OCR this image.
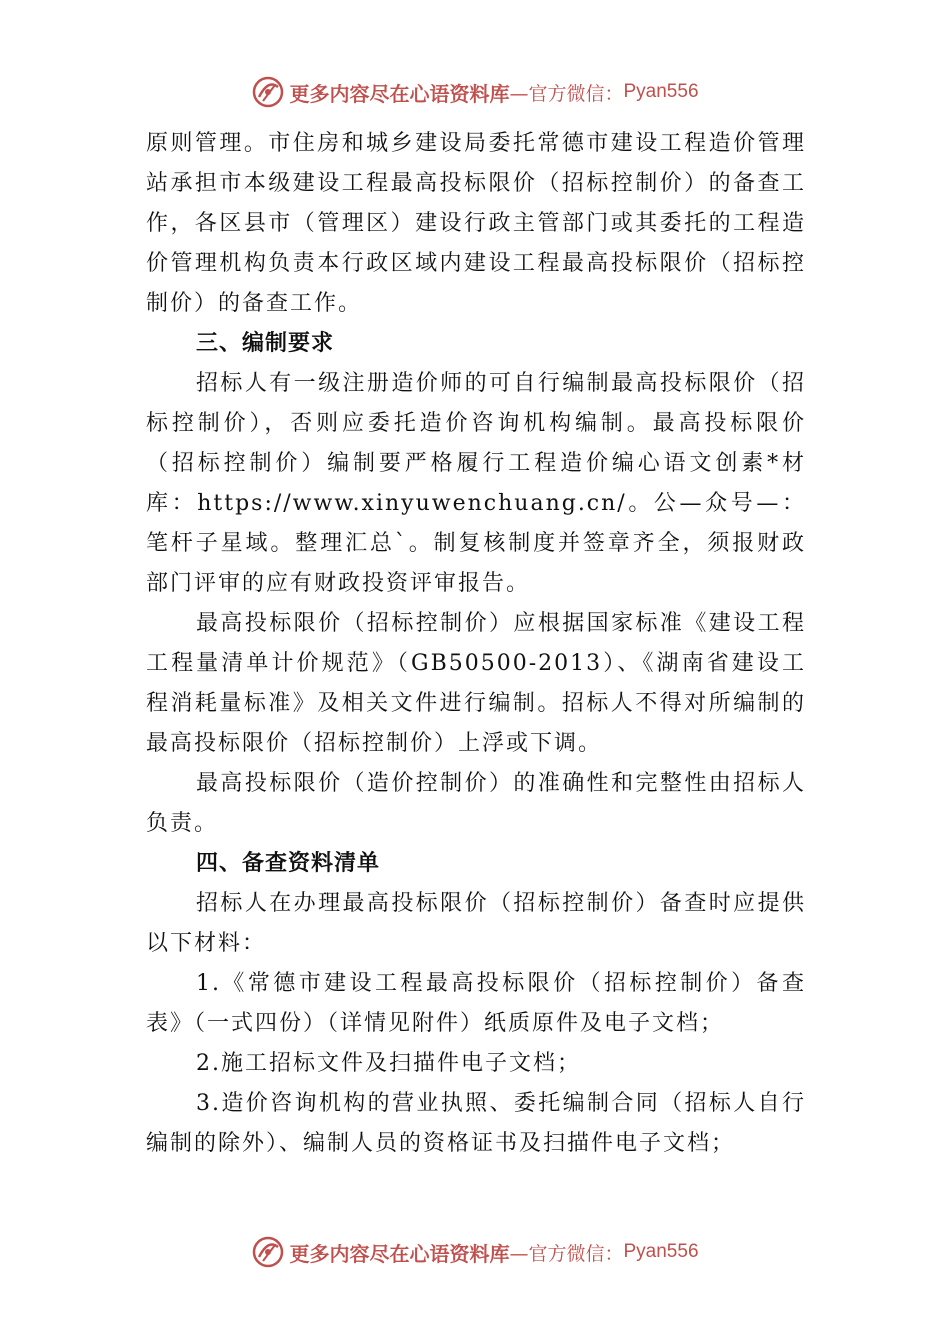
更多内容尽在心语资料库 —官方微信： Pyan556

原则管理。市住房和城乡建设局委托常德市建设工程造价管理站承担市本级建设工程最高投标限价（招标控制价）的备查工作，各区县市（管理区）建设行政主管部门或其委托的工程造价管理机构负责本行政区域内建设工程最高投标限价（招标控制价）的备查工作。

三、编制要求

招标人有一级注册造价师的可自行编制最高投标限价（招标控制价），否则应委托造价咨询机构编制。最高投标限价（招标控制价）编制要严格履行工程造价编心语文创素*材库：https://www.xinyuwenchuang.cn/。公—众号—：笔杆子星域。整理汇总`。制复核制度并签章齐全，须报财政部门评审的应有财政投资评审报告。

最高投标限价（招标控制价）应根据国家标准《建设工程工程量清单计价规范》（GB50500-2013）、《湖南省建设工程消耗量标准》及相关文件进行编制。招标人不得对所编制的最高投标限价（招标控制价）上浮或下调。

最高投标限价（造价控制价）的准确性和完整性由招标人负责。

四、备查资料清单

招标人在办理最高投标限价（招标控制价）备查时应提供以下材料：

1.《常德市建设工程最高投标限价（招标控制价）备查表》（一式四份）（详情见附件）纸质原件及电子文档；

2.施工招标文件及扫描件电子文档；

3.造价咨询机构的营业执照、委托编制合同（招标人自行编制的除外）、编制人员的资格证书及扫描件电子文档；

更多内容尽在心语资料库 —官方微信： Pyan556
